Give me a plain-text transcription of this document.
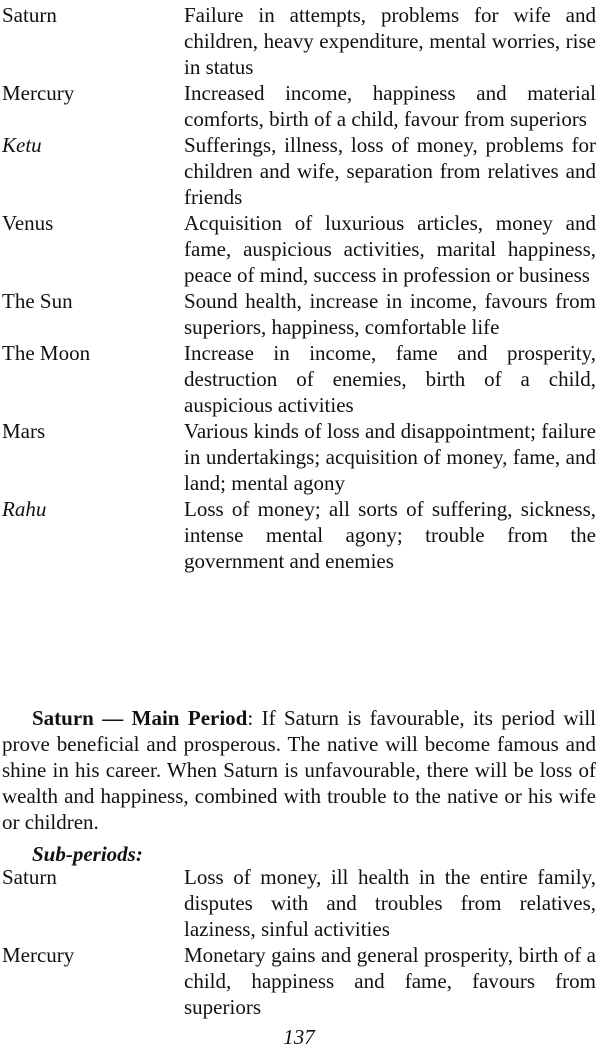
Saturn	Failure in attempts, problems for wife and children, heavy expenditure, mental worries, rise in status
Mercury	Increased income, happiness and material comforts, birth of a child, favour from superiors
Ketu	Sufferings, illness, loss of money, problems for children and wife, separation from relatives and friends
Venus	Acquisition of luxurious articles, money and fame, auspicious activities, marital happiness, peace of mind, success in profession or business
The Sun	Sound health, increase in income, favours from superiors, happiness, comfortable life
The Moon	Increase in income, fame and prosperity, destruction of enemies, birth of a child, auspicious activities
Mars	Various kinds of loss and disappointment; failure in undertakings; acquisition of money, fame, and land; mental agony
Rahu	Loss of money; all sorts of suffering, sickness, intense mental agony; trouble from the government and enemies

Saturn — Main Period: If Saturn is favourable, its period will prove beneficial and prosperous. The native will become famous and shine in his career. When Saturn is unfavourable, there will be loss of wealth and happiness, combined with trouble to the native or his wife or children.

Sub-periods:
Saturn	Loss of money, ill health in the entire family, disputes with and troubles from relatives, laziness, sinful activities
Mercury	Monetary gains and general prosperity, birth of a child, happiness and fame, favours from superiors
137
